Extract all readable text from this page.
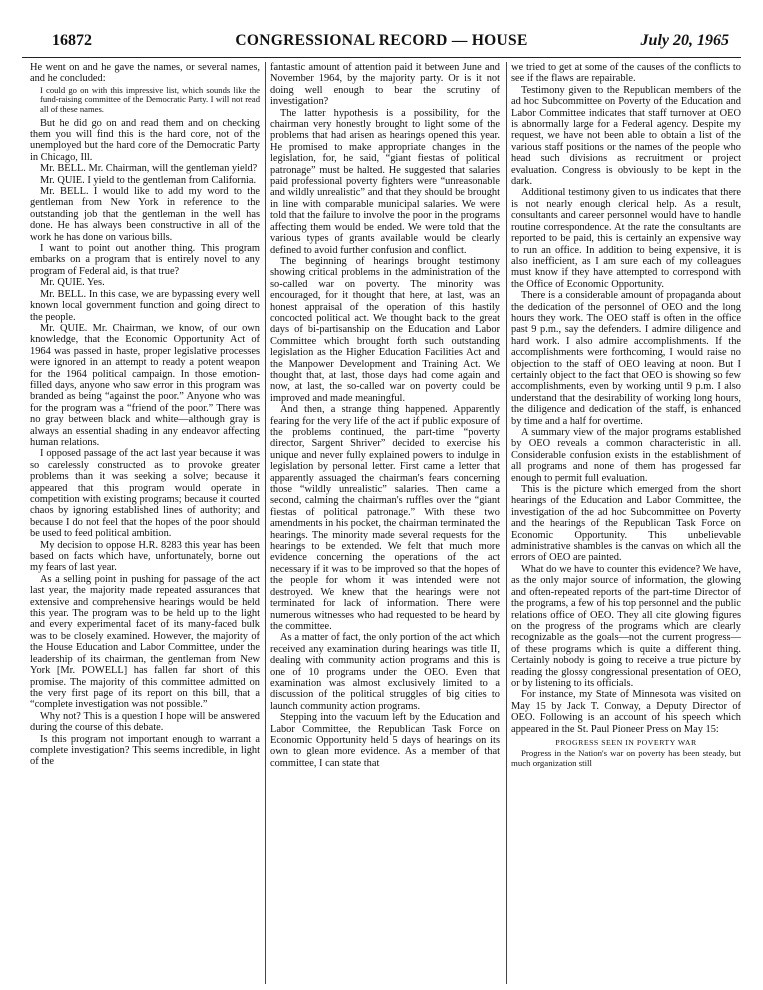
16872	CONGRESSIONAL RECORD — HOUSE	July 20, 1965

He went on and he gave the names, or several names, and he concluded:

I could go on with this impressive list, which sounds like the fund-raising committee of the Democratic Party. I will not read all of these names.

But he did go on and read them and on checking them you will find this is the hard core, not of the unemployed but the hard core of the Democratic Party in Chicago, Ill.

Mr. BELL. Mr. Chairman, will the gentleman yield?

Mr. QUIE. I yield to the gentleman from California.

Mr. BELL. I would like to add my word to the gentleman from New York in reference to the outstanding job that the gentleman in the well has done. He has always been constructive in all of the work he has done on various bills.

I want to point out another thing. This program embarks on a program that is entirely novel to any program of Federal aid, is that true?

Mr. QUIE. Yes.

Mr. BELL. In this case, we are bypassing every well known local government function and going direct to the people.

Mr. QUIE. Mr. Chairman, we know, of our own knowledge, that the Economic Opportunity Act of 1964 was passed in haste, proper legislative processes were ignored in an attempt to ready a potent weapon for the 1964 political campaign. In those emotion-filled days, anyone who saw error in this program was branded as being “against the poor.” Anyone who was for the program was a “friend of the poor.” There was no gray between black and white—although gray is always an essential shading in any endeavor affecting human relations.

I opposed passage of the act last year because it was so carelessly constructed as to provoke greater problems than it was seeking a solve; because it appeared that this program would operate in competition with existing programs; because it courted chaos by ignoring established lines of authority; and because I do not feel that the hopes of the poor should be used to feed political ambition.

My decision to oppose H.R. 8283 this year has been based on facts which have, unfortunately, borne out my fears of last year.

As a selling point in pushing for passage of the act last year, the majority made repeated assurances that extensive and comprehensive hearings would be held this year. The program was to be held up to the light and every experimental facet of its many-faced bulk was to be closely examined. However, the majority of the House Education and Labor Committee, under the leadership of its chairman, the gentleman from New York [Mr. POWELL] has fallen far short of this promise. The majority of this committee admitted on the very first page of its report on this bill, that a “complete investigation was not possible.”

Why not? This is a question I hope will be answered during the course of this debate.

Is this program not important enough to warrant a complete investigation? This seems incredible, in light of the

fantastic amount of attention paid it between June and November 1964, by the majority party. Or is it not doing well enough to bear the scrutiny of investigation?

The latter hypothesis is a possibility, for the chairman very honestly brought to light some of the problems that had arisen as hearings opened this year. He promised to make appropriate changes in the legislation, for, he said, “giant fiestas of political patronage” must be halted. He suggested that salaries paid professional poverty fighters were “unreasonable and wildly unrealistic” and that they should be brought in line with comparable municipal salaries. We were told that the failure to involve the poor in the programs affecting them would be ended. We were told that the various types of grants available would be clearly defined to avoid further confusion and conflict.

The beginning of hearings brought testimony showing critical problems in the administration of the so-called war on poverty. The minority was encouraged, for it thought that here, at last, was an honest appraisal of the operation of this hastily concocted political act. We thought back to the great days of bi-partisanship on the Education and Labor Committee which brought forth such outstanding legislation as the Higher Education Facilities Act and the Manpower Development and Training Act. We thought that, at last, those days had come again and now, at last, the so-called war on poverty could be improved and made meaningful.

And then, a strange thing happened. Apparently fearing for the very life of the act if public exposure of the problems continued, the part-time “poverty director, Sargent Shriver” decided to exercise his unique and never fully explained powers to indulge in legislation by personal letter. First came a letter that apparently assuaged the chairman's fears concerning those “wildly unrealistic” salaries. Then came a second, calming the chairman's ruffles over the “giant fiestas of political patronage.” With these two amendments in his pocket, the chairman terminated the hearings. The minority made several requests for the hearings to be extended. We felt that much more evidence concerning the operations of the act necessary if it was to be improved so that the hopes of the people for whom it was intended were not destroyed. We knew that the hearings were not terminated for lack of information. There were numerous witnesses who had requested to be heard by the committee.

As a matter of fact, the only portion of the act which received any examination during hearings was title II, dealing with community action programs and this is one of 10 programs under the OEO. Even that examination was almost exclusively limited to a discussion of the political struggles of big cities to launch community action programs.

Stepping into the vacuum left by the Education and Labor Committee, the Republican Task Force on Economic Opportunity held 5 days of hearings on its own to glean more evidence. As a member of that committee, I can state that

we tried to get at some of the causes of the conflicts to see if the flaws are repairable.

Testimony given to the Republican members of the ad hoc Subcommittee on Poverty of the Education and Labor Committee indicates that staff turnover at OEO is abnormally large for a Federal agency. Despite my request, we have not been able to obtain a list of the various staff positions or the names of the people who head such divisions as recruitment or project evaluation. Congress is obviously to be kept in the dark.

Additional testimony given to us indicates that there is not nearly enough clerical help. As a result, consultants and career personnel would have to handle routine correspondence. At the rate the consultants are reported to be paid, this is certainly an expensive way to run an office. In addition to being expensive, it is also inefficient, as I am sure each of my colleagues must know if they have attempted to correspond with the Office of Economic Opportunity.

There is a considerable amount of propaganda about the dedication of the personnel of OEO and the long hours they work. The OEO staff is often in the office past 9 p.m., say the defenders. I admire diligence and hard work. I also admire accomplishments. If the accomplishments were forthcoming, I would raise no objection to the staff of OEO leaving at noon. But I certainly object to the fact that OEO is showing so few accomplishments, even by working until 9 p.m. I also understand that the desirability of working long hours, the diligence and dedication of the staff, is enhanced by time and a half for overtime.

A summary view of the major programs established by OEO reveals a common characteristic in all. Considerable confusion exists in the establishment of all programs and none of them has progessed far enough to permit full evaluation.

This is the picture which emerged from the short hearings of the Education and Labor Committee, the investigation of the ad hoc Subcommittee on Poverty and the hearings of the Republican Task Force on Economic Opportunity. This unbelievable administrative shambles is the canvas on which all the errors of OEO are painted.

What do we have to counter this evidence? We have, as the only major source of information, the glowing and often-repeated reports of the part-time Director of the programs, a few of his top personnel and the public relations office of OEO. They all cite glowing figures on the progress of the programs which are clearly recognizable as the goals—not the current progress—of these programs which is quite a different thing. Certainly nobody is going to receive a true picture by reading the glossy congressional presentation of OEO, or by listening to its officials.

For instance, my State of Minnesota was visited on May 15 by Jack T. Conway, a Deputy Director of OEO. Following is an account of his speech which appeared in the St. Paul Pioneer Press on May 15:

PROGRESS SEEN IN POVERTY WAR

Progress in the Nation's war on poverty has been steady, but much organization still
